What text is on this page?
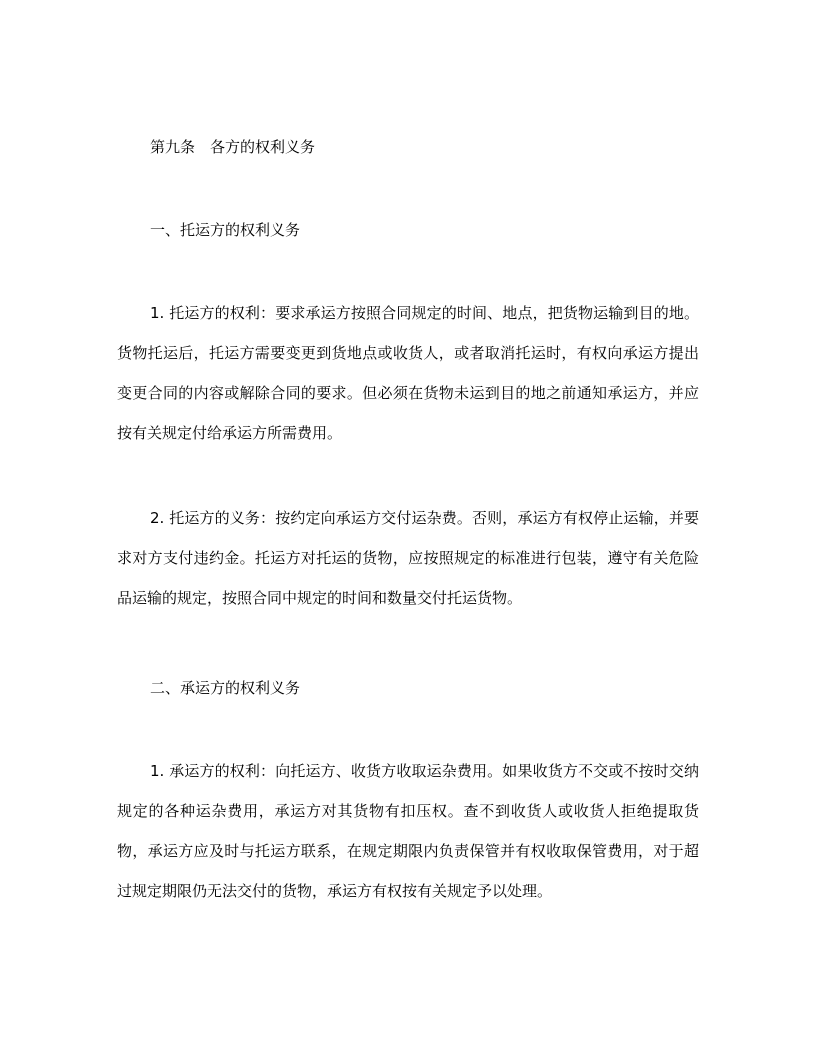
第九条　各方的权利义务

一、托运方的权利义务

1. 托运方的权利：要求承运方按照合同规定的时间、地点，把货物运输到目的地。货物托运后，托运方需要变更到货地点或收货人，或者取消托运时，有权向承运方提出变更合同的内容或解除合同的要求。但必须在货物未运到目的地之前通知承运方，并应按有关规定付给承运方所需费用。

2. 托运方的义务：按约定向承运方交付运杂费。否则，承运方有权停止运输，并要求对方支付违约金。托运方对托运的货物，应按照规定的标准进行包装，遵守有关危险品运输的规定，按照合同中规定的时间和数量交付托运货物。

二、承运方的权利义务

1. 承运方的权利：向托运方、收货方收取运杂费用。如果收货方不交或不按时交纳规定的各种运杂费用，承运方对其货物有扣压权。查不到收货人或收货人拒绝提取货物，承运方应及时与托运方联系，在规定期限内负责保管并有权收取保管费用，对于超过规定期限仍无法交付的货物，承运方有权按有关规定予以处理。
